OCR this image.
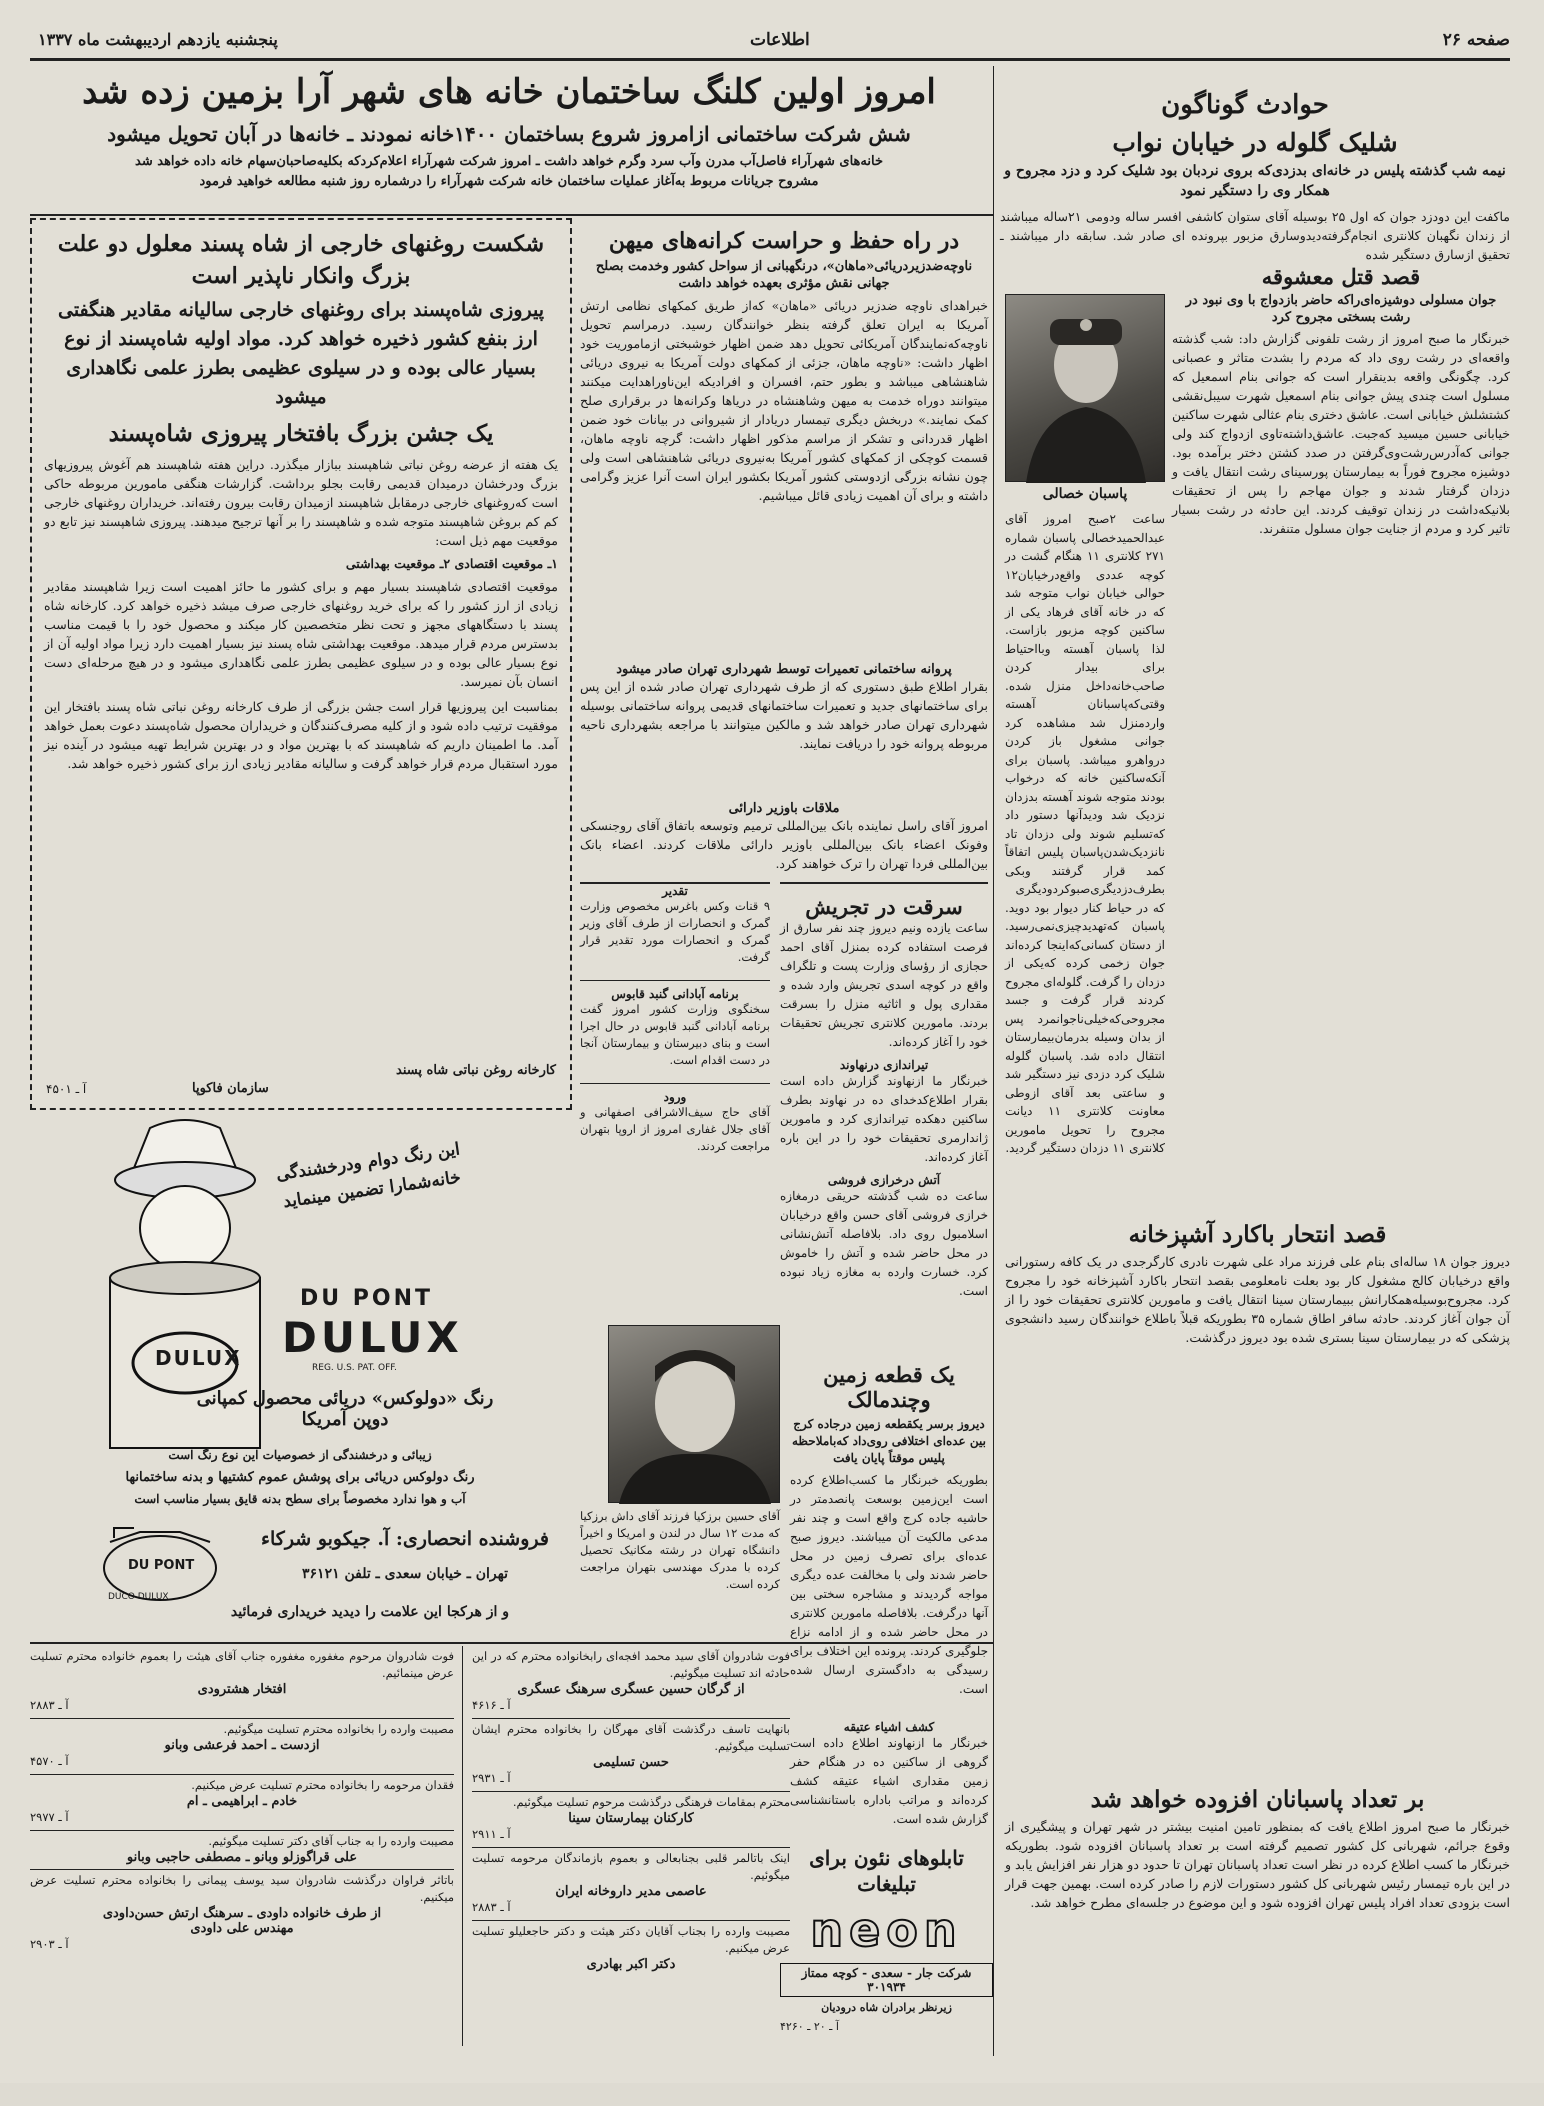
صفحه ۲۶
اطلاعات
پنجشنبه یازدهم اردیبهشت ماه ۱۳۳۷
حوادث گوناگون
شلیک گلوله در خیابان نواب
نیمه شب گذشته پلیس در خانه‌ای بدزدی‌که بروی نردبان بود شلیک کرد و دزد مجروح و همکار وی را دستگیر نمود
ماکفت این دودزد جوان که اول ۲۵ بوسیله آقای ستوان کاشفی افسر ساله ودومی ۲۱ساله میباشند از زندان نگهبان کلانتری انجام‌گرفته‌دیدوسارق مزبور بپرونده ای صادر شد. سابقه دار میباشند ـ تحقیق ازسارق دستگیر شده
پاسبان خصالی
قصد قتل معشوقه
جوان مسلولی دوشیزه‌ای‌راکه حاضر بازدواج با وی نبود در رشت بسختی مجروح کرد
خبرنگار ما صبح امروز از رشت تلفونی گزارش داد: شب گذشته واقعه‌ای در رشت روی داد که مردم را بشدت متاثر و عصبانی کرد. چگونگی واقعه بدینقرار است که جوانی بنام اسمعیل که مسلول است چندی پیش جوانی بنام اسمعیل شهرت سیبل‌نقشی کشتشلش خیابانی است. عاشق دختری بنام عثالی شهرت ساکنین خیابانی حسین میسید که‌جبت. عاشق‌داشته‌تاوی ازدواج کند ولی جوانی که‌آدرس‌رشت‌وی‌گرفتن در صدد کشتن دختر برآمده بود. دوشیزه مجروح فوراً به بیمارستان پورسینای رشت انتقال یافت و دزدان گرفتار شدند و جوان مهاجم را پس از تحقیقات بلانیکه‌داشت در زندان توقیف کردند. این حادثه در رشت بسیار تاثیر کرد و مردم از جنایت جوان مسلول متنفرند.
ساعت ۲صبح امروز آقای عبدالحمیدخصالی پاسبان شماره ۲۷۱ کلانتری ۱۱ هنگام گشت در کوچه عددی واقع‌درخیابان۱۲ حوالی خیابان نواب متوجه شد که در خانه آقای فرهاد یکی از ساکنین کوچه مزبور بازاست. لذا پاسبان آهسته وبااحتیاط برای بیدار کردن صاحب‌خانه‌داخل منزل شده. وقتی‌که‌پاسبانان آهسته واردمنزل شد مشاهده کرد جوانی مشغول باز کردن درواهرو میباشد. پاسبان برای آنکه‌ساکنین خانه که درخواب بودند متوجه شوند آهسته بدزدان نزدیک شد ودیدآنها دستور داد که‌تسلیم شوند ولی دزدان تاد نانزدیک‌شدن‌پاسبان پلیس اتفاقاً کمد قرار گرفتند وبکی بطرف‌دزدیگری‌صبوکرد‌ودیگری که در حیاط کنار دیوار بود دوید. پاسبان که‌تهدید‌چیزی‌نمی‌رسید. از دستان کسانی‌که‌اینجا کرده‌اند جوان زخمی کرده که‌یکی از دزدان را گرفت. گلوله‌ای مجروح کردند قرار گرفت و جسد مجروحی‌که‌خیلی‌ناجوانمرد پس از بدان وسیله بدرمان‌بیمارستان انتقال داده شد. پاسبان گلوله شلیک کرد دزدی نیز دستگیر شد و ساعتی بعد آقای ازوطی معاونت کلانتری ۱۱ دیانت مجروح را تحویل مامورین کلانتری ۱۱ دزدان دستگیر گردید.
قصد انتحار باکارد آشپزخانه
دیروز جوان ۱۸ ساله‌ای بنام علی فرزند مراد علی شهرت نادری کارگرجدی در یک کافه رستورانی واقع درخیابان کالج مشغول کار بود بعلت نامعلومی بقصد انتحار باکارد آشپزخانه خود را مجروح کرد. مجروح‌بوسیله‌همکارانش ببیمارستان سینا انتقال یافت و مامورین کلانتری تحقیقات خود را از آن جوان آغاز کردند. حادثه سافر اطاق شماره ۳۵ بطوریکه قبلاً باطلاع خوانندگان رسید دانشجوی پزشکی که در بیمارستان سینا بستری شده بود دیروز درگذشت.
بر تعداد پاسبانان افزوده خواهد شد
خبرنگار ما صبح امروز اطلاع یافت که بمنظور تامین امنیت بیشتر در شهر تهران و پیشگیری از وقوع جرائم، شهربانی کل کشور تصمیم گرفته است بر تعداد پاسبانان افزوده شود. بطوریکه خبرنگار ما کسب اطلاع کرده در نظر است تعداد پاسبانان تهران تا حدود دو هزار نفر افزایش یابد و در این باره تیمسار رئیس شهربانی کل کشور دستورات لازم را صادر کرده است. بهمین جهت قرار است بزودی تعداد افراد پلیس تهران افزوده شود و این موضوع در جلسه‌ای مطرح خواهد شد.
امروز اولین کلنگ ساختمان خانه های شهر آرا بزمین زده شد
شش شرکت ساختمانی ازامروز شروع بساختمان ۱۴۰۰خانه نمودند ـ خانه‌ها در آبان تحویل میشود
خانه‌های شهرآراء فاصل‌آب مدرن وآب سرد وگرم خواهد داشت ـ امروز شرکت شهرآراء اعلام‌کردکه بکلیه‌صاحبان‌سهام خانه داده خواهد شد
مشروح جریانات مربوط به‌آغاز عملیات ساختمان خانه شرکت شهرآراء را درشماره روز شنبه مطالعه خواهید فرمود
در راه حفظ و حراست کرانه‌های میهن
ناوچه‌ضدزیردریائی«ماهان»، درنگهبانی از سواحل کشور وخدمت بصلح جهانی نقش مؤثری بعهده خواهد داشت
خبراهدای ناوچه ضدزیر دریائی «ماهان» که‌از طریق کمکهای نظامی ارتش آمریکا به ایران تعلق گرفته بنظر خوانندگان رسید. درمراسم تحویل ناوچه‌که‌نمایندگان آمریکائی تحویل دهد ضمن اظهار خوشبختی ازماموریت خود اظهار داشت: «ناوچه ماهان، جزئی از کمکهای دولت آمریکا به نیروی دریائی شاهنشاهی میباشد و بطور حتم، افسران و افرادیکه این‌ناوراهدایت میکنند میتوانند دوراه خدمت به میهن وشاهنشاه در دریاها وکرانه‌ها در برقراری صلح کمک نمایند.» دربخش دیگری تیمسار دریادار از شیروانی در بیانات خود ضمن اظهار قدردانی و تشکر از مراسم مذکور اظهار داشت: گرچه ناوچه ماهان، قسمت کوچکی از کمکهای کشور آمریکا به‌نیروی دریائی شاهنشاهی است ولی چون نشانه بزرگی ازدوستی کشور آمریکا بکشور ایران است آنرا عزیز وگرامی داشته و برای آن اهمیت زیادی قائل میباشیم.
پروانه ساختمانی تعمیرات توسط شهرداری تهران صادر میشود
بقرار اطلاع طبق دستوری که از طرف شهرداری تهران صادر شده از این پس برای ساختمانهای جدید و تعمیرات ساختمانهای قدیمی پروانه ساختمانی بوسیله شهرداری تهران صادر خواهد شد و مالکین میتوانند با مراجعه بشهرداری ناحیه مربوطه پروانه خود را دریافت نمایند.
ملاقات باوزیر دارائی
امروز آقای راسل نماینده بانک بین‌المللی ترمیم وتوسعه باتفاق آقای روجنسکی وفونک اعضاء بانک بین‌المللی باوزیر دارائی ملاقات کردند. اعضاء بانک بین‌المللی فردا تهران را ترک خواهند کرد.
تقدیر
۹ قنات وکس باغرس مخصوص وزارت گمرک و انحصارات از طرف آقای وزیر گمرک و انحصارات مورد تقدیر قرار گرفت.
برنامه آبادانی گنبد قابوس
سخنگوی وزارت کشور امروز گفت برنامه آبادانی گنبد قابوس در حال اجرا است و بنای دبیرستان و بیمارستان آنجا در دست اقدام است.
ورود
آقای حاج سیف‌الاشرافی اصفهانی و آقای جلال غفاری امروز از اروپا بتهران مراجعت کردند.
سرقت در تجریش
ساعت یازده ونیم دیروز چند نفر سارق از فرصت استفاده کرده بمنزل آقای احمد حجازی از رؤسای وزارت پست و تلگراف واقع در کوچه اسدی تجریش وارد شده و مقداری پول و اثاثیه منزل را بسرقت بردند. مامورین کلانتری تجریش تحقیقات خود را آغاز کرده‌اند.
تیراندازی درنهاوند
خبرنگار ما ازنهاوند گزارش داده است بقرار اطلاع‌کدخدای ده در نهاوند بطرف ساکنین دهکده تیراندازی کرد و مامورین ژاندارمری تحقیقات خود را در این باره آغاز کرده‌اند.
آتش درخرازی فروشی
ساعت ده شب گذشته حریقی درمغازه خرازی فروشی آقای حسن واقع درخیابان اسلامبول روی داد. بلافاصله آتش‌نشانی در محل حاضر شده و آتش را خاموش کرد. خسارت وارده به مغازه زیاد نبوده است.
آقای حسین برزکیا فرزند آقای داش برزکیا که مدت ۱۲ سال در لندن و امریکا و اخیراً دانشگاه تهران در رشته مکانیک تحصیل کرده با مدرک مهندسی بتهران مراجعت کرده است.
یک قطعه زمین وچندمالک
دیروز برسر یکقطعه زمین درجاده کرج بین عده‌ای اختلافی روی‌داد که‌باملاحظه پلیس موقتاً پایان یافت
بطوریکه خبرنگار ما کسب‌اطلاع کرده است این‌زمین بوسعت پانصدمتر در حاشیه جاده کرج واقع است و چند نفر مدعی مالکیت آن میباشند. دیروز صبح عده‌ای برای تصرف زمین در محل حاضر شدند ولی با مخالفت عده دیگری مواجه گردیدند و مشاجره سختی بین آنها درگرفت. بلافاصله مامورین کلانتری در محل حاضر شده و از ادامه نزاع جلوگیری کردند. پرونده این اختلاف برای رسیدگی به دادگستری ارسال شده است.
کشف اشیاء عتیقه
خبرنگار ما ازنهاوند اطلاع داده است گروهی از ساکنین ده در هنگام حفر زمین مقداری اشیاء عتیقه کشف کرده‌اند و مراتب باداره باستانشناسی گزارش شده است.
شکست روغنهای خارجی از شاه پسند معلول دو علت بزرگ وانکار ناپذیر است
پیروزی شاه‌پسند برای روغنهای خارجی سالیانه مقادیر هنگفتی ارز بنفع کشور ذخیره خواهد کرد. مواد اولیه شاه‌پسند از نوع بسیار عالی بوده و در سیلوی عظیمی بطرز علمی نگاهداری میشود
یک جشن بزرگ بافتخار پیروزی شاه‌پسند
یک هفته از عرضه روغن نباتی شاهپسند ببازار میگذرد. دراین هفته شاهپسند هم آغوش پیروزیهای بزرگ ودرخشان درمیدان قدیمی رقابت بجلو برداشت. گزارشات هنگفی مامورین مربوطه حاکی است که‌روغنهای خارجی درمقابل شاهپسند ازمیدان رقابت بیرون رفته‌اند. خریداران روغنهای خارجی کم کم بروغن شاهپسند متوجه شده و شاهپسند را بر آنها ترجیح میدهند. پیروزی شاهپسند نیز تابع دو موقعیت مهم ذیل است:
۱ـ موقعیت اقتصادی ۲ـ موقعیت بهداشتی
موقعیت اقتصادی شاهپسند بسیار مهم و برای کشور ما حائز اهمیت است زیرا شاهپسند مقادیر زیادی از ارز کشور را که برای خرید روغنهای خارجی صرف میشد ذخیره خواهد کرد. کارخانه شاه پسند با دستگاههای مجهز و تحت نظر متخصصین کار میکند و محصول خود را با قیمت مناسب بدسترس مردم قرار میدهد. موقعیت بهداشتی شاه پسند نیز بسیار اهمیت دارد زیرا مواد اولیه آن از نوع بسیار عالی بوده و در سیلوی عظیمی بطرز علمی نگاهداری میشود و در هیچ مرحله‌ای دست انسان بآن نمیرسد.
بمناسبت این پیروزیها قرار است جشن بزرگی از طرف کارخانه روغن نباتی شاه پسند بافتخار این موفقیت ترتیب داده شود و از کلیه مصرف‌کنندگان و خریداران محصول شاه‌پسند دعوت بعمل خواهد آمد. ما اطمینان داریم که شاهپسند که با بهترین مواد و در بهترین شرایط تهیه میشود در آینده نیز مورد استقبال مردم قرار خواهد گرفت و سالیانه مقادیر زیادی ارز برای کشور ذخیره خواهد شد.
کارخانه روغن نباتی شاه پسند
سازمان فاکوپا
آ ـ ۴۵۰۱
DULUX
این رنگ دوام ودرخشندگی خانه‌شمارا تضمین مینماید
DU PONT
DULUX
REG. U.S. PAT. OFF.
رنگ «دولوکس» دریائی محصول کمپانی دوپن آمریکا
زیبائی و درخشندگی از خصوصیات این نوع رنگ است
رنگ دولوکس دریائی برای پوشش عموم کشتیها و بدنه ساختمانها
آب و هوا ندارد مخصوصاً برای سطح بدنه قایق بسیار مناسب است
DU PONT
DUCO DULUX
فروشنده انحصاری: آ. جیکوبو شرکاء
تهران ـ خیابان سعدی ـ تلفن ۳۶۱۲۱
و از هرکجا این علامت را دیدید خریداری فرمائید
فوت شادروان آقای سید محمد افجه‌ای رابخانواده محترم که در این حادثه اند تسلیت میگوئیم.
از گرگان حسین عسگری سرهنگ عسگری
آ ـ ۴۶۱۶
بانهایت تاسف درگذشت آقای مهرگان را بخانواده محترم ایشان تسلیت میگوئیم.
حسن تسلیمی
آ ـ ۲۹۳۱
محترم بمقامات فرهنگی درگذشت مرحوم تسلیت میگوئیم.
کارکنان بیمارستان سینا
آ ـ ۲۹۱۱
اینک باتالمر قلبی بجنابعالی و بعموم بازماندگان مرحومه تسلیت میگوئیم.
عاصمی مدیر داروخانه ایران
آ ـ ۲۸۸۳
مصیبت وارده را بجناب آقایان دکتر هیئت و دکتر حاجعلیلو تسلیت عرض میکنیم.
دکتر اکبر بهادری
فوت شادروان مرحوم مغفوره مغفوره جناب آقای هیئت را بعموم خانواده محترم تسلیت عرض مینمائیم.
افتخار هشترودی
آ ـ ۲۸۸۳
مصیبت وارده را بخانواده محترم تسلیت میگوئیم.
ازدست ـ احمد فرعشی وبانو
آ ـ ۴۵۷۰
فقدان مرحومه را بخانواده محترم تسلیت عرض میکنیم.
خادم ـ ابراهیمی ـ ام
آ ـ ۲۹۷۷
مصیبت وارده را به جناب آقای دکتر تسلیت میگوئیم.
علی قراگوزلو وبانو ـ مصطفی حاجبی وبانو
باتاثر فراوان درگذشت شادروان سید یوسف پیمانی را بخانواده محترم تسلیت عرض میکنیم.
از طرف خانواده داودی ـ سرهنگ ارتش حسن‌داودی
مهندس علی داودی
آ ـ ۲۹۰۳
تابلوهای نئون برای تبلیغات
neon
شرکت جار - سعدی - کوچه ممتاز ۳۰۱۹۳۴
زیرنظر برادران شاه درودیان
آ ـ ۲۰ ـ ۴۲۶۰
